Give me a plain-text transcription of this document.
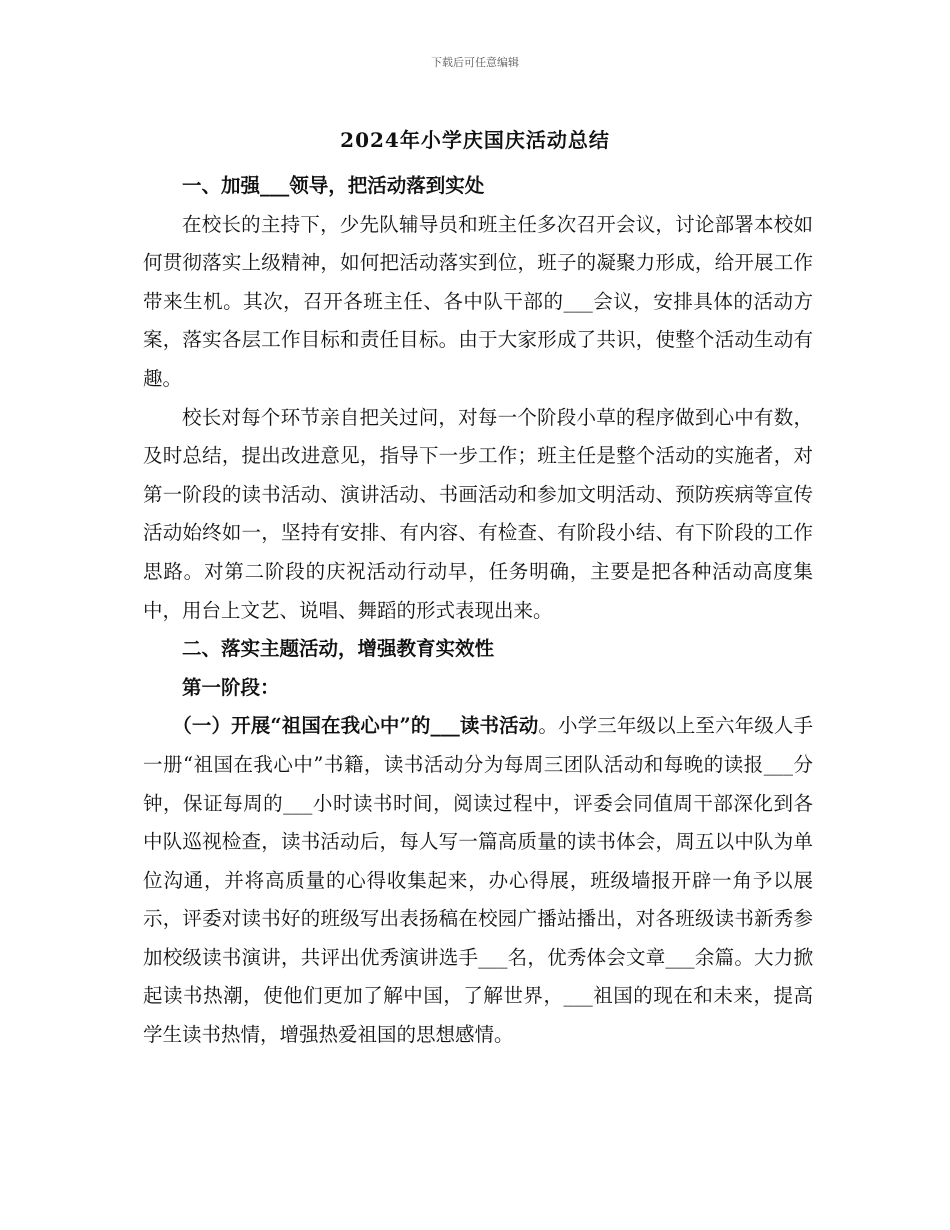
下载后可任意编辑
2024年小学庆国庆活动总结
一、加强___领导，把活动落到实处

在校长的主持下，少先队辅导员和班主任多次召开会议，讨论部署本校如何贯彻落实上级精神，如何把活动落实到位，班子的凝聚力形成，给开展工作带来生机。其次，召开各班主任、各中队干部的___会议，安排具体的活动方案，落实各层工作目标和责任目标。由于大家形成了共识，使整个活动生动有趣。

校长对每个环节亲自把关过问，对每一个阶段小草的程序做到心中有数，及时总结，提出改进意见，指导下一步工作；班主任是整个活动的实施者，对第一阶段的读书活动、演讲活动、书画活动和参加文明活动、预防疾病等宣传活动始终如一，坚持有安排、有内容、有检查、有阶段小结、有下阶段的工作思路。对第二阶段的庆祝活动行动早，任务明确，主要是把各种活动高度集中，用台上文艺、说唱、舞蹈的形式表现出来。

二、落实主题活动，增强教育实效性

第一阶段：

（一）开展“祖国在我心中”的___读书活动。小学三年级以上至六年级人手一册“祖国在我心中”书籍，读书活动分为每周三团队活动和每晚的读报___分钟，保证每周的___小时读书时间，阅读过程中，评委会同值周干部深化到各中队巡视检查，读书活动后，每人写一篇高质量的读书体会，周五以中队为单位沟通，并将高质量的心得收集起来，办心得展，班级墙报开辟一角予以展示，评委对读书好的班级写出表扬稿在校园广播站播出，对各班级读书新秀参加校级读书演讲，共评出优秀演讲选手___名，优秀体会文章___余篇。大力掀起读书热潮，使他们更加了解中国，了解世界，___祖国的现在和未来，提高学生读书热情，增强热爱祖国的思想感情。
